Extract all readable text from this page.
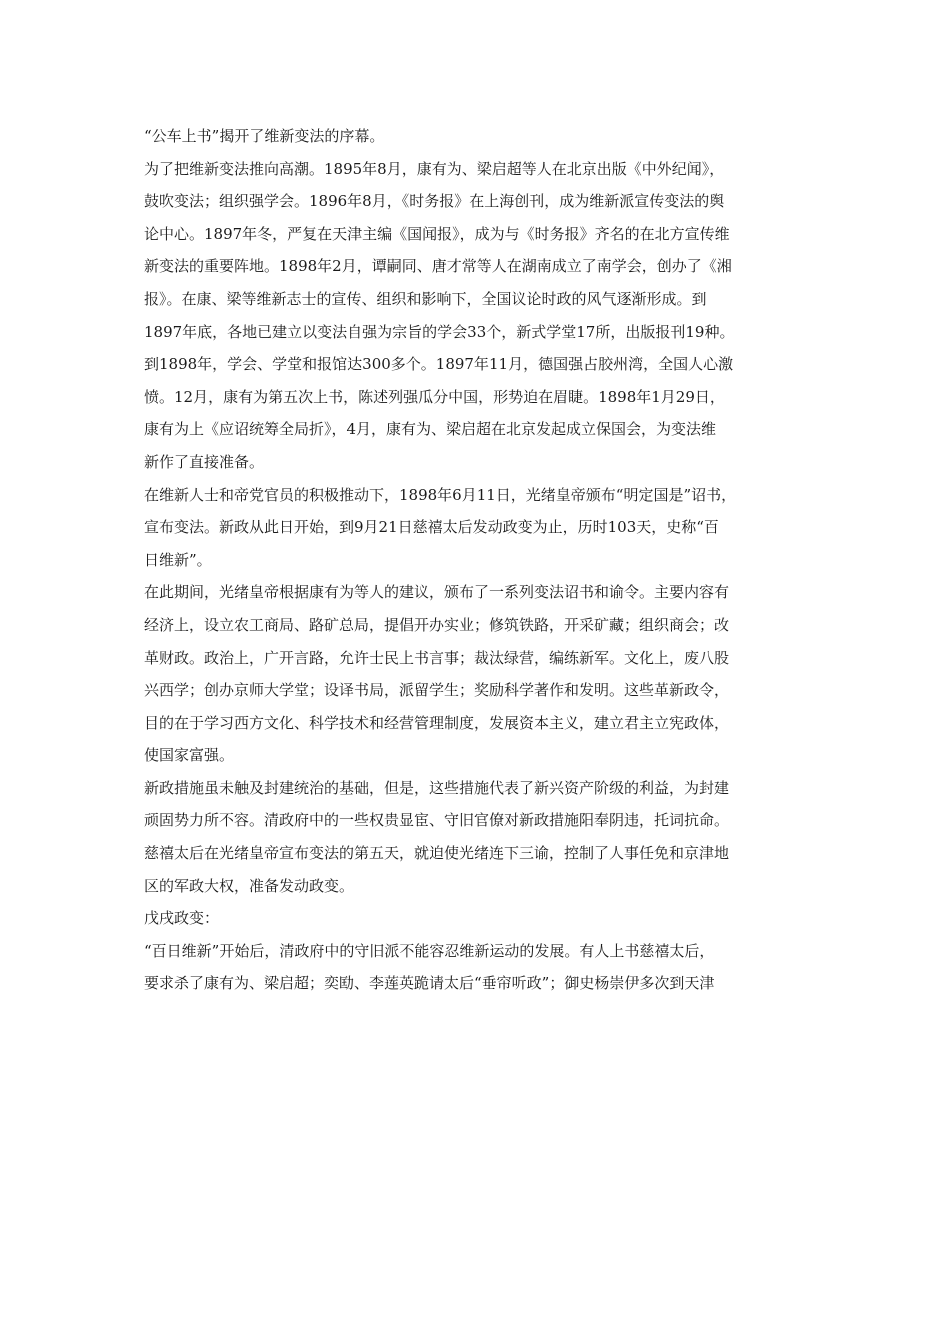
“公车上书”揭开了维新变法的序幕。
为了把维新变法推向高潮。1895年8月，康有为、梁启超等人在北京出版《中外纪闻》，
鼓吹变法；组织强学会。1896年8月，《时务报》在上海创刊，成为维新派宣传变法的舆
论中心。1897年冬，严复在天津主编《国闻报》，成为与《时务报》齐名的在北方宣传维
新变法的重要阵地。1898年2月，谭嗣同、唐才常等人在湖南成立了南学会，创办了《湘
报》。在康、梁等维新志士的宣传、组织和影响下，全国议论时政的风气逐渐形成。到
1897年底，各地已建立以变法自强为宗旨的学会33个，新式学堂17所，出版报刊19种。
到1898年，学会、学堂和报馆达300多个。1897年11月，德国强占胶州湾，全国人心激
愤。12月，康有为第五次上书，陈述列强瓜分中国，形势迫在眉睫。1898年1月29日，
康有为上《应诏统筹全局折》，4月，康有为、梁启超在北京发起成立保国会，为变法维
新作了直接准备。
在维新人士和帝党官员的积极推动下，1898年6月11日，光绪皇帝颁布“明定国是”诏书，
宣布变法。新政从此日开始，到9月21日慈禧太后发动政变为止，历时103天，史称“百
日维新”。
在此期间，光绪皇帝根据康有为等人的建议，颁布了一系列变法诏书和谕令。主要内容有
经济上，设立农工商局、路矿总局，提倡开办实业；修筑铁路，开采矿藏；组织商会；改
革财政。政治上，广开言路，允许士民上书言事；裁汰绿营，编练新军。文化上，废八股
兴西学；创办京师大学堂；设译书局，派留学生；奖励科学著作和发明。这些革新政令，
目的在于学习西方文化、科学技术和经营管理制度，发展资本主义，建立君主立宪政体，
使国家富强。
新政措施虽未触及封建统治的基础，但是，这些措施代表了新兴资产阶级的利益，为封建
顽固势力所不容。清政府中的一些权贵显宦、守旧官僚对新政措施阳奉阴违，托词抗命。
慈禧太后在光绪皇帝宣布变法的第五天，就迫使光绪连下三谕，控制了人事任免和京津地
区的军政大权，准备发动政变。
戊戌政变：
“百日维新”开始后，清政府中的守旧派不能容忍维新运动的发展。有人上书慈禧太后，
要求杀了康有为、梁启超；奕劻、李莲英跪请太后“垂帘听政”；御史杨崇伊多次到天津
